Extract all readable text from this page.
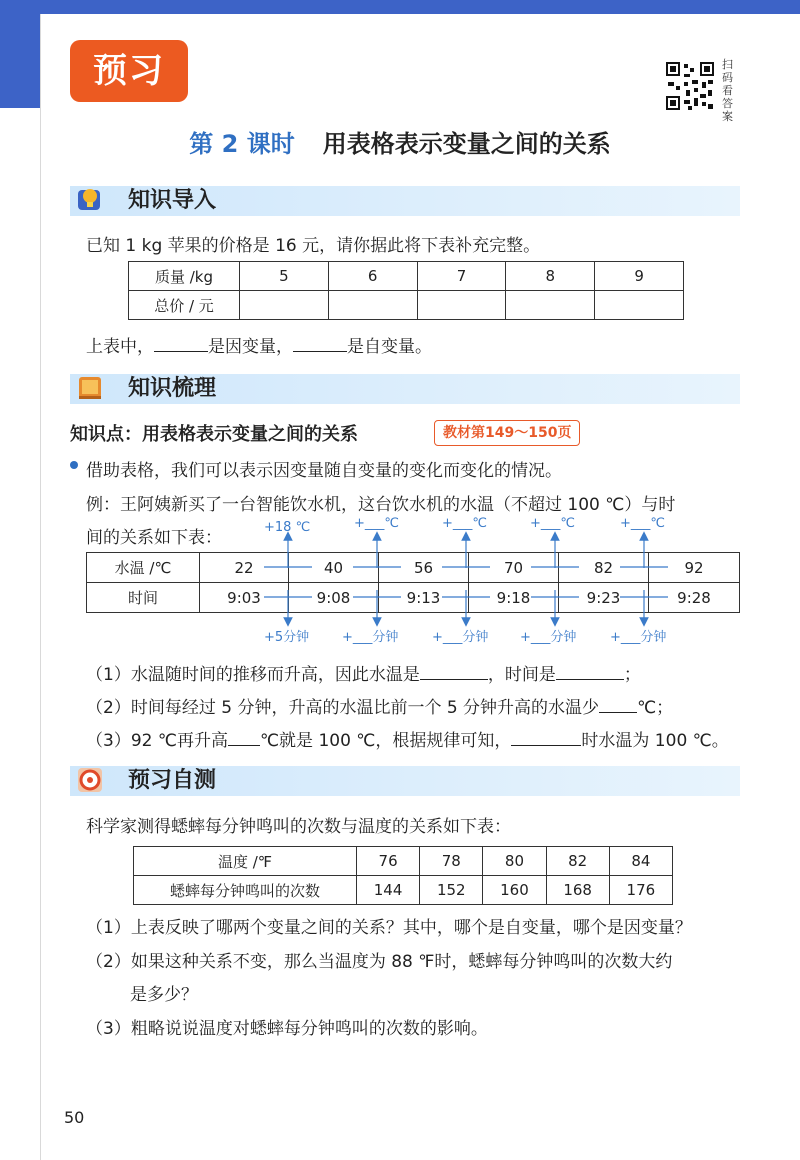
预习	扫
码
看
答
案
第 2 课时 用表格表示变量之间的关系
知识导入
已知 1 kg 苹果的价格是 16 元，请你据此将下表补充完整。
质量 /kg	5	6	7	8	9
总价 / 元					
上表中，	是因变量，	是自变量。
知识梳理
知识点：用表格表示变量之间的关系	教材第149～150页
借助表格，我们可以表示因变量随自变量的变化而变化的情况。
例：王阿姨新买了一台智能饮水机，这台饮水机的水温（不超过 100 ℃）与时
间的关系如下表：
+18 ℃	+___℃	+___℃	+___℃	+___℃
水温 /℃	22	40	56	70	82	92
时间	9:03	9:08	9:13	9:18	9:23	9:28
+5分钟	+___分钟	+___分钟 +___分钟	+___分钟
（1）水温随时间的推移而升高，因此水温是	，时间是	；
（2）时间每经过 5 分钟，升高的水温比前一个 5 分钟升高的水温少 ℃；
（3）92 ℃再升高 ℃就是 100 ℃，根据规律可知，	时水温为 100 ℃。
预习自测
科学家测得蟋蟀每分钟鸣叫的次数与温度的关系如下表：
温度 /℉	76	78	80	82	84
蟋蟀每分钟鸣叫的次数	144	152	160	168	176
（1）上表反映了哪两个变量之间的关系？其中，哪个是自变量，哪个是因变量？
（2）如果这种关系不变，那么当温度为 88 ℉时，蟋蟀每分钟鸣叫的次数大约
是多少？
（3）粗略说说温度对蟋蟀每分钟鸣叫的次数的影响。
50
